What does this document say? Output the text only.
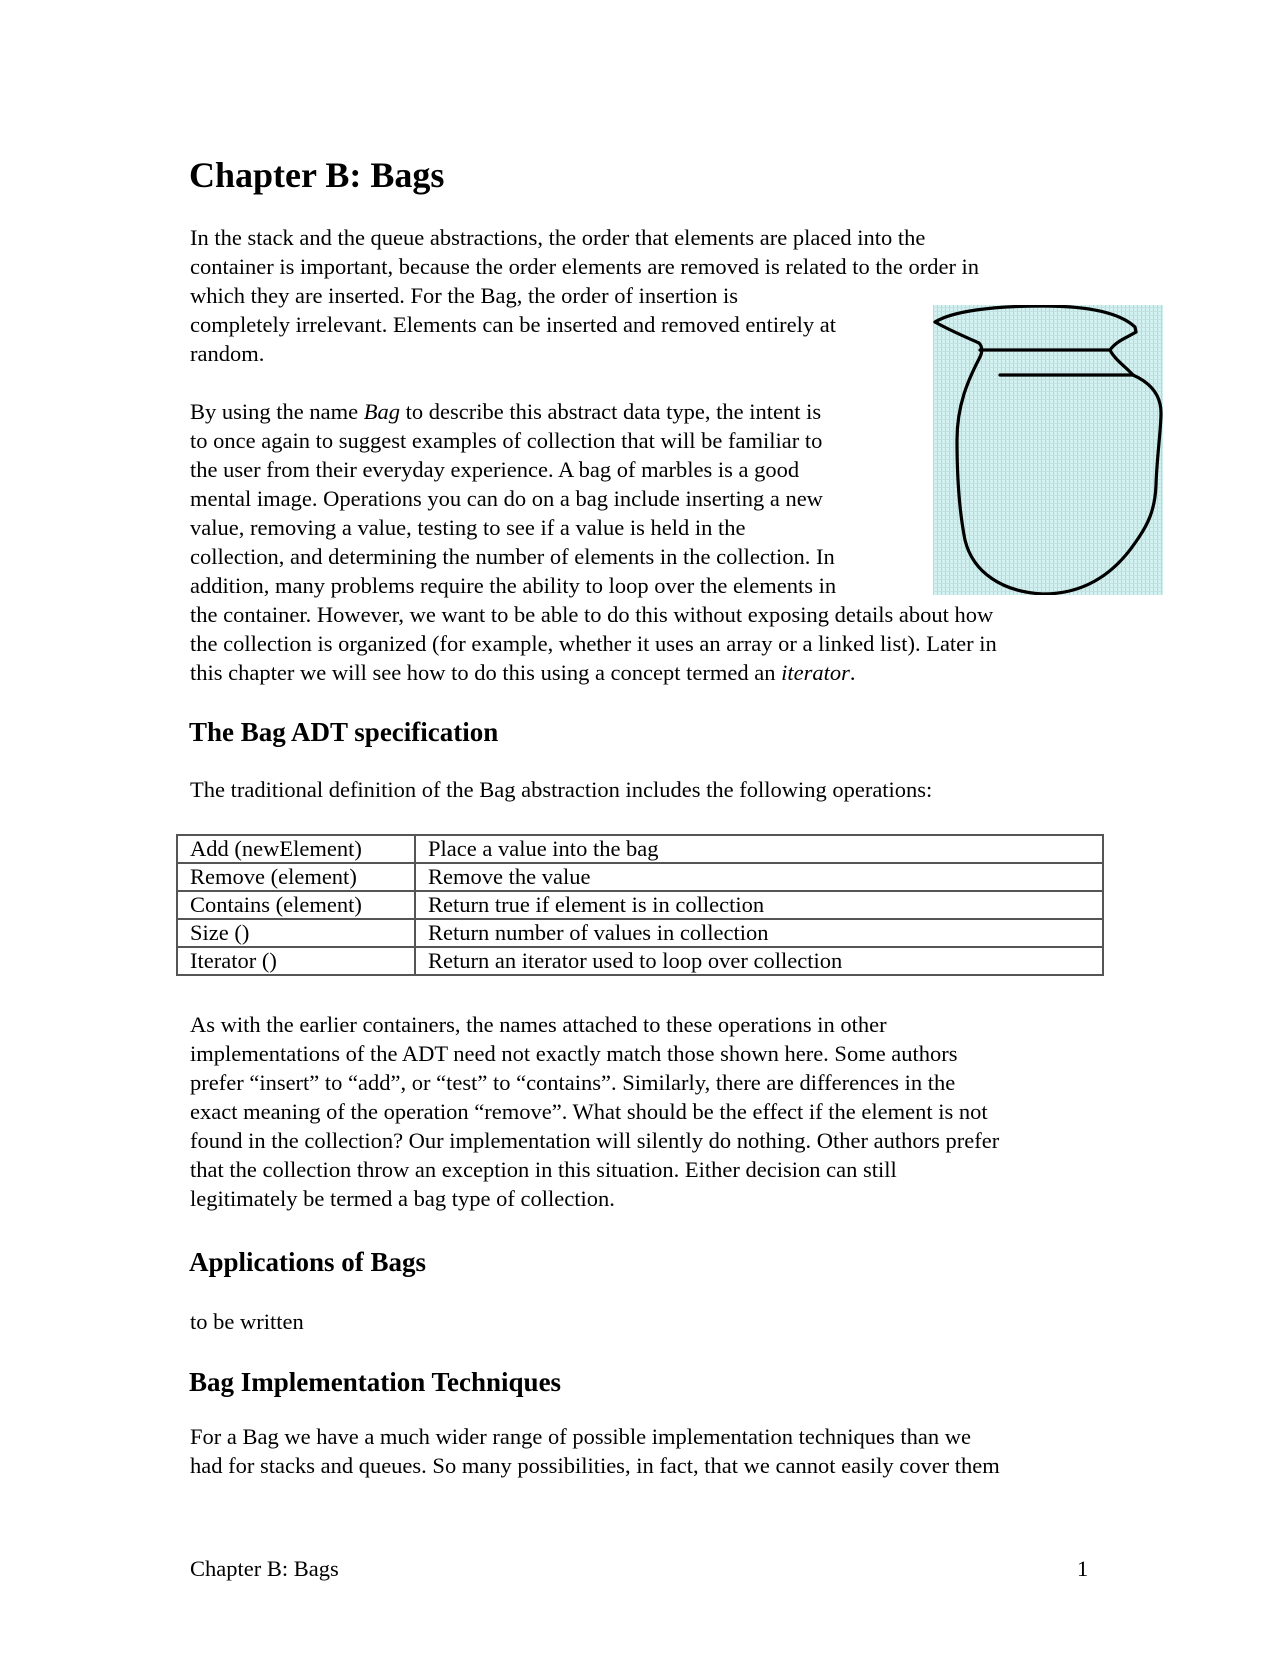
Chapter B: Bags
In the stack and the queue abstractions, the order that elements are placed into the
container is important, because the order elements are removed is related to the order in
which they are inserted. For the Bag, the order of insertion is
completely irrelevant. Elements can be inserted and removed entirely at
random.
By using the name Bag to describe this abstract data type, the intent is
to once again to suggest examples of collection that will be familiar to
the user from their everyday experience. A bag of marbles is a good
mental image. Operations you can do on a bag include inserting a new
value, removing a value, testing to see if a value is held in the
collection, and determining the number of elements in the collection. In
addition, many problems require the ability to loop over the elements in
the container. However, we want to be able to do this without exposing details about how
the collection is organized (for example, whether it uses an array or a linked list). Later in
this chapter we will see how to do this using a concept termed an iterator.
The Bag ADT specification
The traditional definition of the Bag abstraction includes the following operations:
Add (newElement)	Place a value into the bag
Remove (element)	Remove the value
Contains (element)	Return true if element is in collection
Size ()	Return number of values in collection
Iterator ()	Return an iterator used to loop over collection
As with the earlier containers, the names attached to these operations in other
implementations of the ADT need not exactly match those shown here. Some authors
prefer “insert” to “add”, or “test” to “contains”. Similarly, there are differences in the
exact meaning of the operation “remove”. What should be the effect if the element is not
found in the collection? Our implementation will silently do nothing. Other authors prefer
that the collection throw an exception in this situation. Either decision can still
legitimately be termed a bag type of collection.
Applications of Bags
to be written
Bag Implementation Techniques
For a Bag we have a much wider range of possible implementation techniques than we
had for stacks and queues. So many possibilities, in fact, that we cannot easily cover them
Chapter B: Bags	1
